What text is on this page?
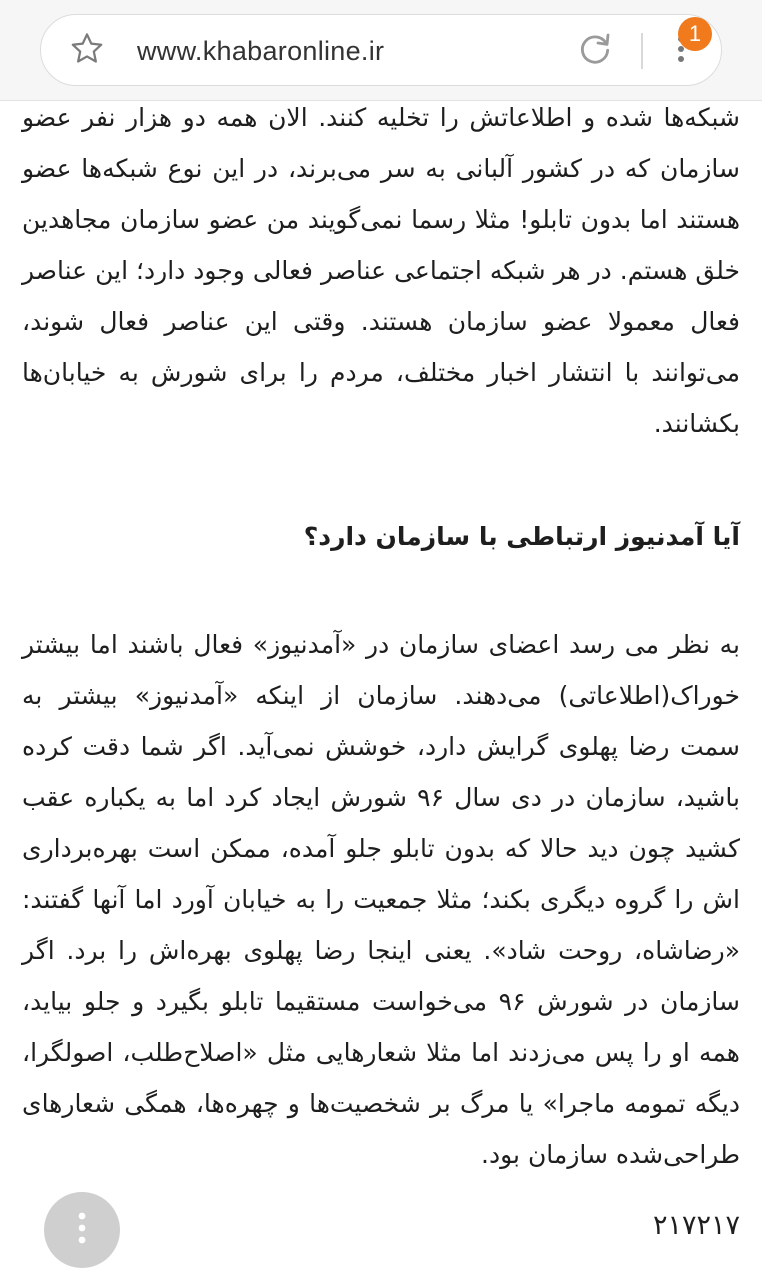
www.khabaronline.ir
1

شبکه‌ها شده و اطلاعاتش را تخلیه کنند. الان همه دو هزار نفر عضو سازمان که در کشور آلبانی به سر می‌برند، در این نوع شبکه‌ها عضو هستند اما بدون تابلو! مثلا رسما نمی‌گویند من عضو سازمان مجاهدین خلق هستم. در هر شبکه اجتماعی عناصر فعالی وجود دارد؛ این عناصر فعال معمولا عضو سازمان هستند. وقتی این عناصر فعال شوند، می‌توانند با انتشار اخبار مختلف، مردم را برای شورش به خیابان‌ها بکشانند.

آیا آمدنیوز ارتباطی با سازمان دارد؟

به نظر می رسد اعضای سازمان در «آمدنیوز» فعال باشند اما بیشتر خوراک(اطلاعاتی) می‌دهند. سازمان از اینکه «آمدنیوز» بیشتر به سمت رضا پهلوی گرایش دارد، خوشش نمی‌آید. اگر شما دقت کرده باشید، سازمان در دی سال ۹۶ شورش ایجاد کرد اما به یکباره عقب کشید چون دید حالا که بدون تابلو جلو آمده، ممکن است بهره‌برداری اش را گروه دیگری بکند؛ مثلا جمعیت را به خیابان آورد اما آنها گفتند: «رضاشاه، روحت شاد». یعنی اینجا رضا پهلوی بهره‌اش را برد. اگر سازمان در شورش ۹۶ می‌خواست مستقیما تابلو بگیرد و جلو بیاید، همه او را پس می‌زدند اما مثلا شعارهایی مثل «اصلاح‌طلب، اصولگرا، دیگه تمومه ماجرا» یا مرگ بر شخصیت‌ها و چهره‌ها، همگی شعارهای طراحی‌شده سازمان بود.

۲۱۷۲۱۷
